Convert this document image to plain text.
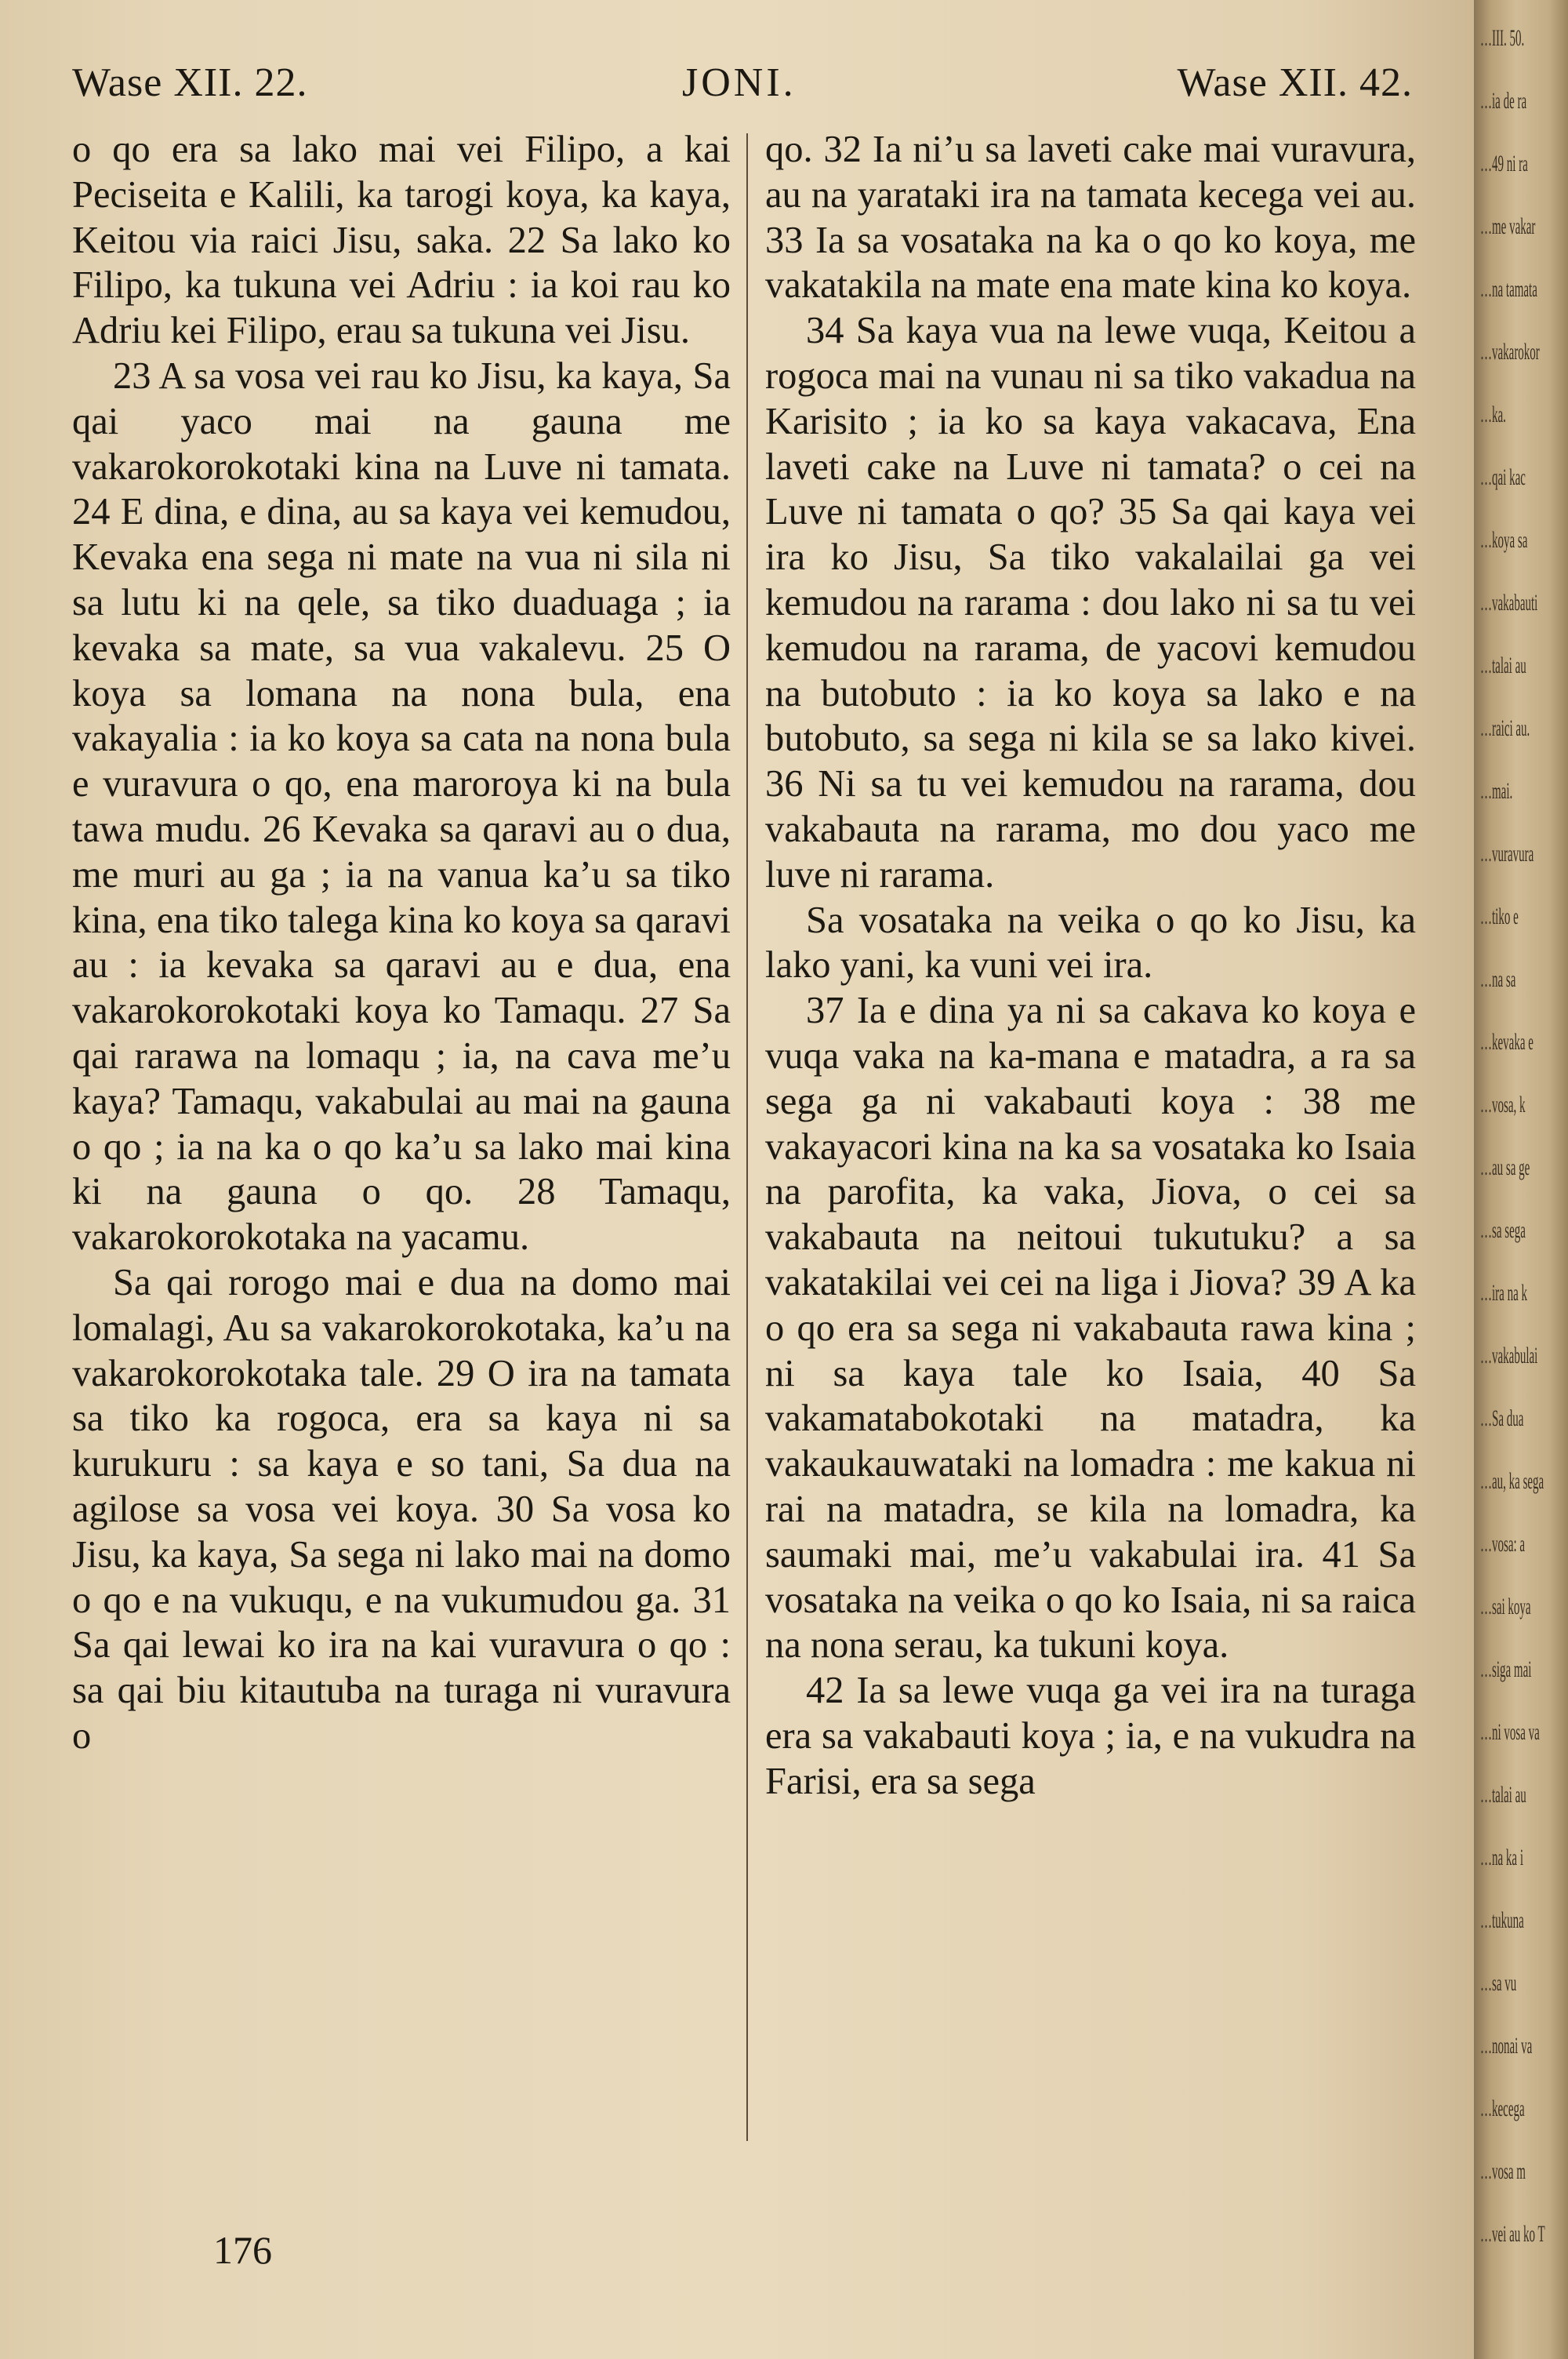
Wase XII. 22.	JONI.	Wase XII. 42.

o qo era sa lako mai vei Filipo, a kai Peciseita e Kalili, ka tarogi koya, ka kaya, Keitou via raici Jisu, saka. 22 Sa lako ko Filipo, ka tukuna vei Adriu : ia koi rau ko Adriu kei Filipo, erau sa tukuna vei Jisu.

23 A sa vosa vei rau ko Jisu, ka kaya, Sa qai yaco mai na gauna me vakarokorokotaki kina na Luve ni tamata. 24 E dina, e dina, au sa kaya vei kemudou, Kevaka ena sega ni mate na vua ni sila ni sa lutu ki na qele, sa tiko duaduaga ; ia kevaka sa mate, sa vua vakalevu. 25 O koya sa lomana na nona bula, ena vakayalia : ia ko koya sa cata na nona bula e vuravura o qo, ena maroroya ki na bula tawa mudu. 26 Kevaka sa qaravi au o dua, me muri au ga ; ia na vanua ka’u sa tiko kina, ena tiko talega kina ko koya sa qaravi au : ia kevaka sa qaravi au e dua, ena vakarokorokotaki koya ko Tamaqu. 27 Sa qai rarawa na lomaqu ; ia, na cava me’u kaya? Tamaqu, vakabulai au mai na gauna o qo ; ia na ka o qo ka’u sa lako mai kina ki na gauna o qo. 28 Tamaqu, vakarokorokotaka na yacamu.

Sa qai rorogo mai e dua na domo mai lomalagi, Au sa vakarokorokotaka, ka’u na vakarokorokotaka tale. 29 O ira na tamata sa tiko ka rogoca, era sa kaya ni sa kurukuru : sa kaya e so tani, Sa dua na agilose sa vosa vei koya. 30 Sa vosa ko Jisu, ka kaya, Sa sega ni lako mai na domo o qo e na vukuqu, e na vukumudou ga. 31 Sa qai lewai ko ira na kai vuravura o qo : sa qai biu kitautuba na turaga ni vuravura o

qo. 32 Ia ni’u sa laveti cake mai vuravura, au na yarataki ira na tamata kecega vei au. 33 Ia sa vosataka na ka o qo ko koya, me vakatakila na mate ena mate kina ko koya.

34 Sa kaya vua na lewe vuqa, Keitou a rogoca mai na vunau ni sa tiko vakadua na Karisito ; ia ko sa kaya vakacava, Ena laveti cake na Luve ni tamata? o cei na Luve ni tamata o qo? 35 Sa qai kaya vei ira ko Jisu, Sa tiko vakalailai ga vei kemudou na rarama : dou lako ni sa tu vei kemudou na rarama, de yacovi kemudou na butobuto : ia ko koya sa lako e na butobuto, sa sega ni kila se sa lako kivei. 36 Ni sa tu vei kemudou na rarama, dou vakabauta na rarama, mo dou yaco me luve ni rarama.

Sa vosataka na veika o qo ko Jisu, ka lako yani, ka vuni vei ira.

37 Ia e dina ya ni sa cakava ko koya e vuqa vaka na ka-mana e matadra, a ra sa sega ga ni vakabauti koya : 38 me vakayacori kina na ka sa vosataka ko Isaia na parofita, ka vaka, Jiova, o cei sa vakabauta na neitoui tukutuku? a sa vakatakilai vei cei na liga i Jiova? 39 A ka o qo era sa sega ni vakabauta rawa kina ; ni sa kaya tale ko Isaia, 40 Sa vakamatabokotaki na matadra, ka vakaukauwataki na lomadra : me kakua ni rai na matadra, se kila na lomadra, ka saumaki mai, me’u vakabulai ira. 41 Sa vosataka na veika o qo ko Isaia, ni sa raica na nona serau, ka tukuni koya.

42 Ia sa lewe vuqa ga vei ira na turaga era sa vakabauti koya ; ia, e na vukudra na Farisi, era sa sega

176
…III. 50.
…ia de ra
…49 ni ra
…me vakar
…na tamata
…vakarokor
…ka.
…qai kac
…koya sa
…vakabauti
…talai au
…raici au.
…mai.
…vuravura
…tiko e
…na sa
…kevaka e
…vosa, k
…au sa ge
…sa sega
…ira na k
…vakabulai
…Sa dua
…au, ka sega
…vosa: a
…sai koya
…siga mai
…ni vosa va
…talai au
…na ka i
…tukuna
…sa vu
…nonai va
…kecega
…vosa m
…vei au ko T
